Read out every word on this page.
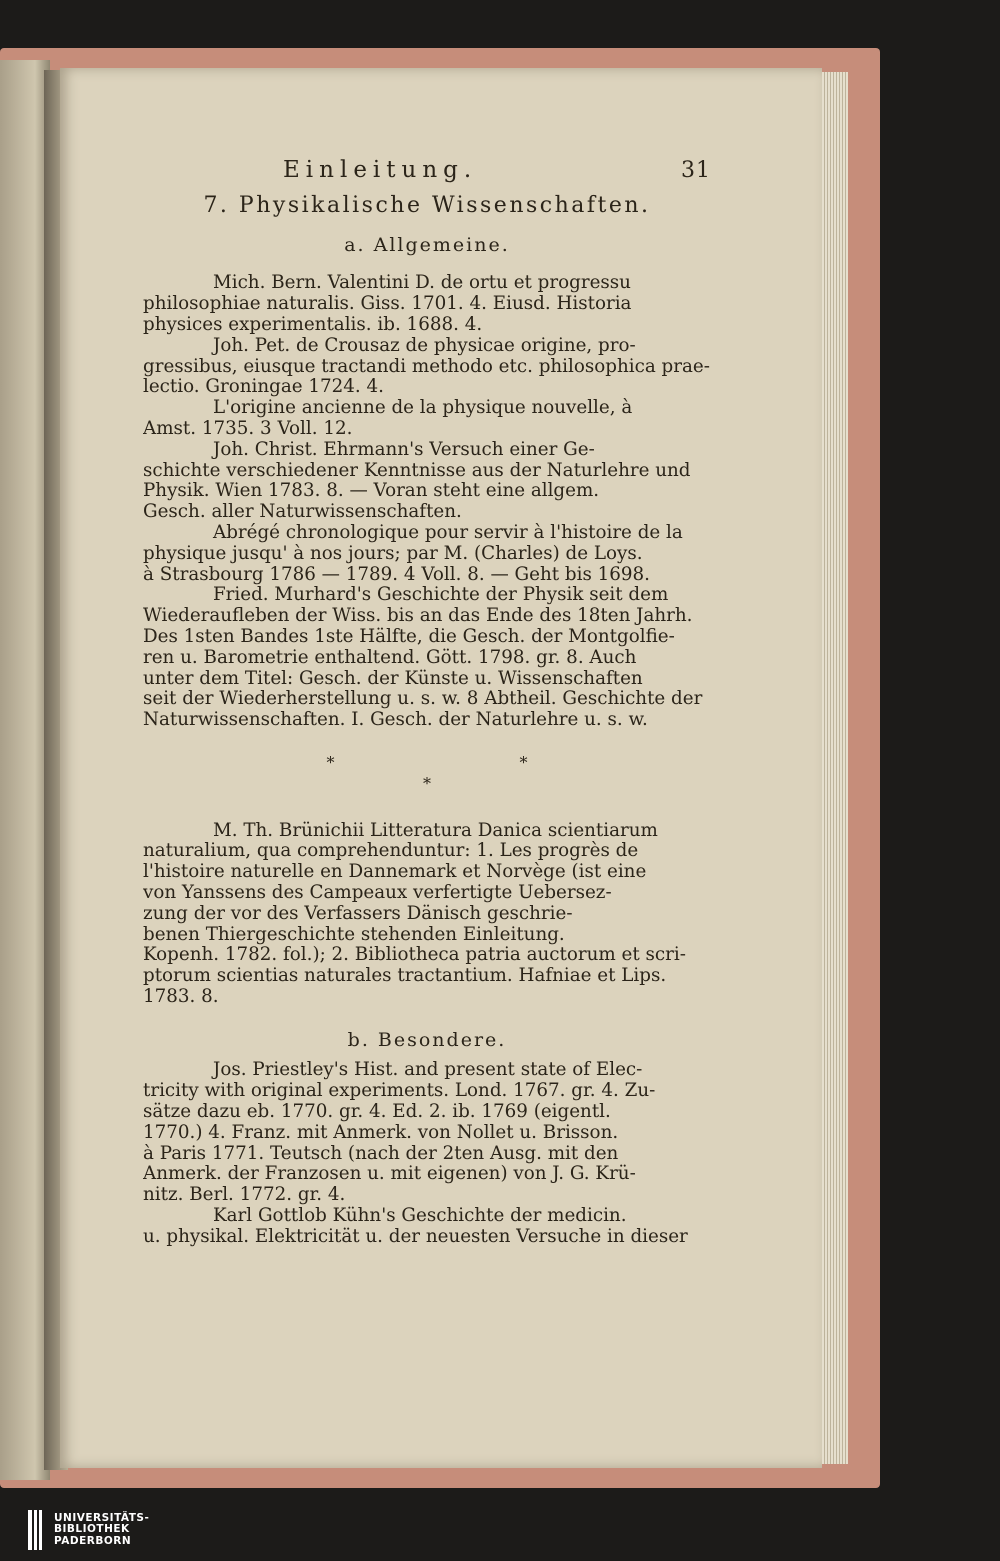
Einleitung.	31
7. Physikalische Wissenschaften.
a. Allgemeine.
Mich. Bern. Valentini D. de ortu et progressu
philosophiae naturalis. Giss. 1701. 4. Eiusd. Historia
physices experimentalis. ib. 1688. 4.
Joh. Pet. de Crousaz de physicae origine, pro-
gressibus, eiusque tractandi methodo etc. philosophica prae-
lectio. Groningae 1724. 4.
L'origine ancienne de la physique nouvelle, à
Amst. 1735. 3 Voll. 12.
Joh. Christ. Ehrmann's Versuch einer Ge-
schichte verschiedener Kenntnisse aus der Naturlehre und
Physik. Wien 1783. 8. — Voran steht eine allgem.
Gesch. aller Naturwissenschaften.
Abrégé chronologique pour servir à l'histoire de la
physique jusqu' à nos jours; par M. (Charles) de Loys.
à Strasbourg 1786 — 1789. 4 Voll. 8. — Geht bis 1698.
Fried. Murhard's Geschichte der Physik seit dem
Wiederaufleben der Wiss. bis an das Ende des 18ten Jahrh.
Des 1sten Bandes 1ste Hälfte, die Gesch. der Montgolfie-
ren u. Barometrie enthaltend. Gött. 1798. gr. 8. Auch
unter dem Titel: Gesch. der Künste u. Wissenschaften
seit der Wiederherstellung u. s. w. 8 Abtheil. Geschichte der
Naturwissenschaften. I. Gesch. der Naturlehre u. s. w.
* * *
M. Th. Brünichii Litteratura Danica scientiarum
naturalium, qua comprehenduntur: 1. Les progrès de
l'histoire naturelle en Dannemark et Norvège (ist eine
von Yanssens des Campeaux verfertigte Uebersez-
zung der vor des Verfassers Dänisch geschrie-
benen Thiergeschichte stehenden Einleitung.
Kopenh. 1782. fol.); 2. Bibliotheca patria auctorum et scri-
ptorum scientias naturales tractantium. Hafniae et Lips.
1783. 8.
b. Besondere.
Jos. Priestley's Hist. and present state of Elec-
tricity with original experiments. Lond. 1767. gr. 4. Zu-
sätze dazu eb. 1770. gr. 4. Ed. 2. ib. 1769 (eigentl.
1770.) 4. Franz. mit Anmerk. von Nollet u. Brisson.
à Paris 1771. Teutsch (nach der 2ten Ausg. mit den
Anmerk. der Franzosen u. mit eigenen) von J. G. Krü-
nitz. Berl. 1772. gr. 4.
Karl Gottlob Kühn's Geschichte der medicin.
u. physikal. Elektricität u. der neuesten Versuche in dieser
UNIVERSITÄTS-
BIBLIOTHEK
PADERBORN
